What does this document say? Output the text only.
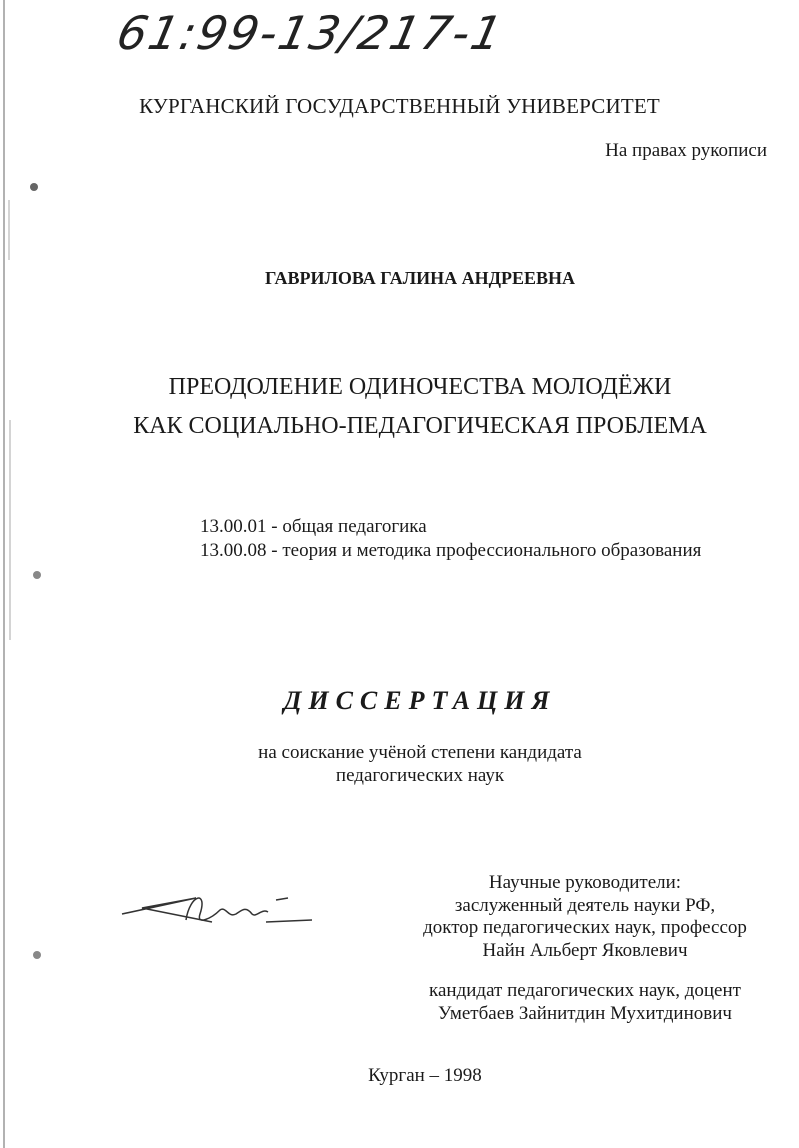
61:99-13/217-1
КУРГАНСКИЙ ГОСУДАРСТВЕННЫЙ УНИВЕРСИТЕТ
На правах рукописи
ГАВРИЛОВА ГАЛИНА АНДРЕЕВНА
ПРЕОДОЛЕНИЕ ОДИНОЧЕСТВА МОЛОДЁЖИ
КАК СОЦИАЛЬНО-ПЕДАГОГИЧЕСКАЯ ПРОБЛЕМА
13.00.01 - общая педагогика
13.00.08 - теория и методика профессионального образования
ДИССЕРТАЦИЯ
на соискание учёной степени кандидата
педагогических наук
Научные руководители:
заслуженный деятель науки РФ,
доктор педагогических наук, профессор
Найн Альберт Яковлевич
кандидат педагогических наук, доцент
Уметбаев Зайнитдин Мухитдинович
Курган – 1998
